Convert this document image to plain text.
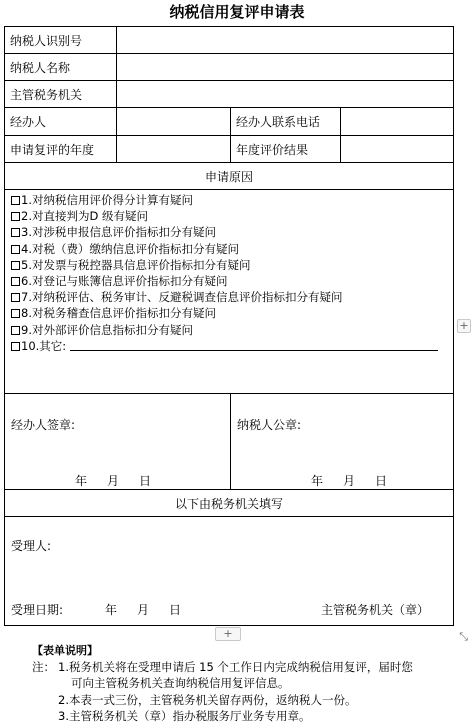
纳税信用复评申请表
纳税人识别号
纳税人名称
主管税务机关
经办人	经办人联系电话
申请复评的年度	年度评价结果
申请原因
1.对纳税信用评价得分计算有疑问
2.对直接判为D 级有疑问
3.对涉税申报信息评价指标扣分有疑问
4.对税（费）缴纳信息评价指标扣分有疑问
5.对发票与税控器具信息评价指标扣分有疑问
6.对登记与账簿信息评价指标扣分有疑问
7.对纳税评估、税务审计、反避税调查信息评价指标扣分有疑问
8.对税务稽查信息评价指标扣分有疑问
9.对外部评价信息指标扣分有疑问
10.其它:
经办人签章:
年 月 日
纳税人公章:
年 月 日
以下由税务机关填写
受理人:
受理日期:	年 月 日	主管税务机关（章）
+
+	⤡
【表单说明】
注： 1.税务机关将在受理申请后 15 个工作日内完成纳税信用复评，届时您
可向主管税务机关查询纳税信用复评信息。
2.本表一式三份，主管税务机关留存两份，返纳税人一份。
3.主管税务机关（章）指办税服务厅业务专用章。
